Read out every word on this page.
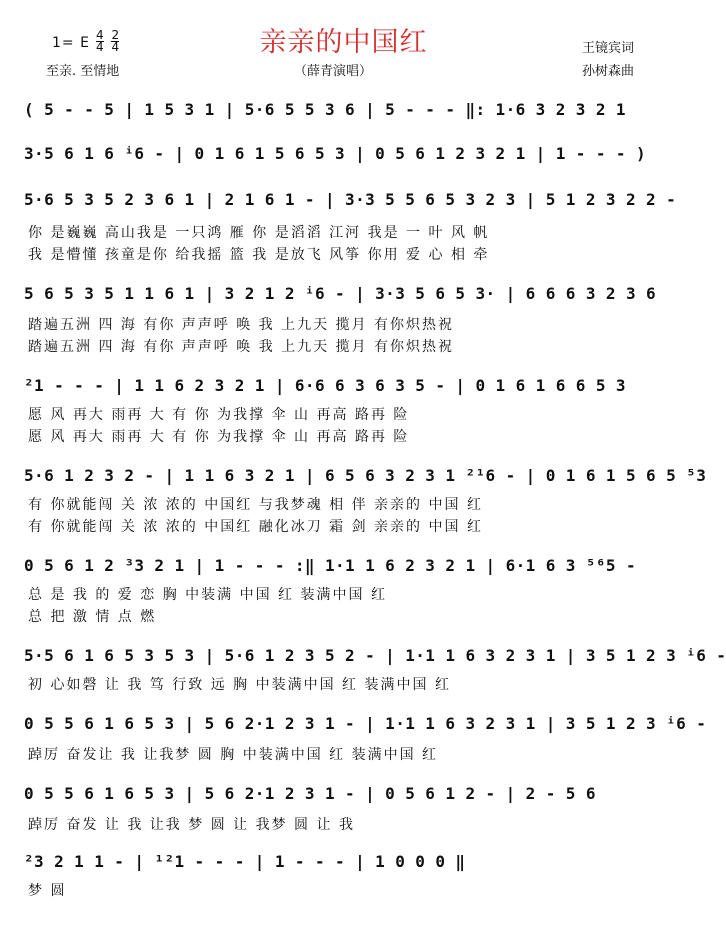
亲亲的中国红
1= E $\frac{4}{4}$
$\frac{2}{4}$
至亲. 至情地	（薛青演唱）
王镜宾词
孙树森曲
( 5 - - 5 | 1 5 3 1 | 5·6 5 5 3 6 | 5 - - - ‖: 1·6 3 2 3 2 1
3·5 6 1 6 ⁱ6 - | 0 1 6 1 5 6 5 3 | 0 5 6 1 2 3 2 1 | 1 - - - )
5·6 5 3 5 2 3 6 1 | 2 1 6 1 - | 3·3 5 5 6 5 3 2 3 | 5 1 2 3 2 2 -
你 是巍巍 高山我是 一只鸿 雁 你 是滔滔 江河 我是 一 叶 风 帆
我 是懵懂 孩童是你 给我摇 篮 我 是放飞 风筝 你用 爱 心 相 牵
5 6 5 3 5 1 1 6 1 | 3 2 1 2 ⁱ6 - | 3·3 5 6 5 3· | 6 6 6 3 2 3 6
踏遍五洲 四 海 有你 声声呼 唤 我 上九天 揽月 有你炽热祝
踏遍五洲 四 海 有你 声声呼 唤 我 上九天 揽月 有你炽热祝
²1 - - - | 1 1 6 2 3 2 1 | 6·6 6 3 6 3 5 - | 0 1 6 1 6 6 5 3
愿 风 再大 雨再 大 有 你 为我撑 伞 山 再高 路再 险
愿 风 再大 雨再 大 有 你 为我撑 伞 山 再高 路再 险
5·6 1 2 3 2 - | 1 1 6 3 2 1 | 6 5 6 3 2 3 1 ²¹6 - | 0 1 6 1 5 6 5 ⁵3
有 你就能闯 关 浓 浓的 中国红 与我梦魂 相 伴 亲亲的 中国 红
有 你就能闯 关 浓 浓的 中国红 融化冰刀 霜 剑 亲亲的 中国 红
0 5 6 1 2 ³3 2 1 | 1 - - - :‖ 1·1 1 6 2 3 2 1 | 6·1 6 3 ⁵⁶5 -
总 是 我 的 爱 恋 胸 中装满 中国 红 装满中国 红
总 把 激 情 点 燃
5·5 6 1 6 5 3 5 3 | 5·6 1 2 3 5 2 - | 1·1 1 6 3 2 3 1 | 3 5 1 2 3 ⁱ6 -
初 心如磬 让 我 笃 行致 远 胸 中装满中国 红 装满中国 红
0 5 5 6 1 6 5 3 | 5 6 2·1 2 3 1 - | 1·1 1 6 3 2 3 1 | 3 5 1 2 3 ⁱ6 -
踔厉 奋发让 我 让我梦 圆 胸 中装满中国 红 装满中国 红
0 5 5 6 1 6 5 3 | 5 6 2·1 2 3 1 - | 0 5 6 1 2 - | 2 - 5 6
踔厉 奋发 让 我 让我 梦 圆 让 我梦 圆 让 我
²3 2 1 1 - | ¹²1 - - - | 1 - - - | 1 0 0 0 ‖
梦 圆
